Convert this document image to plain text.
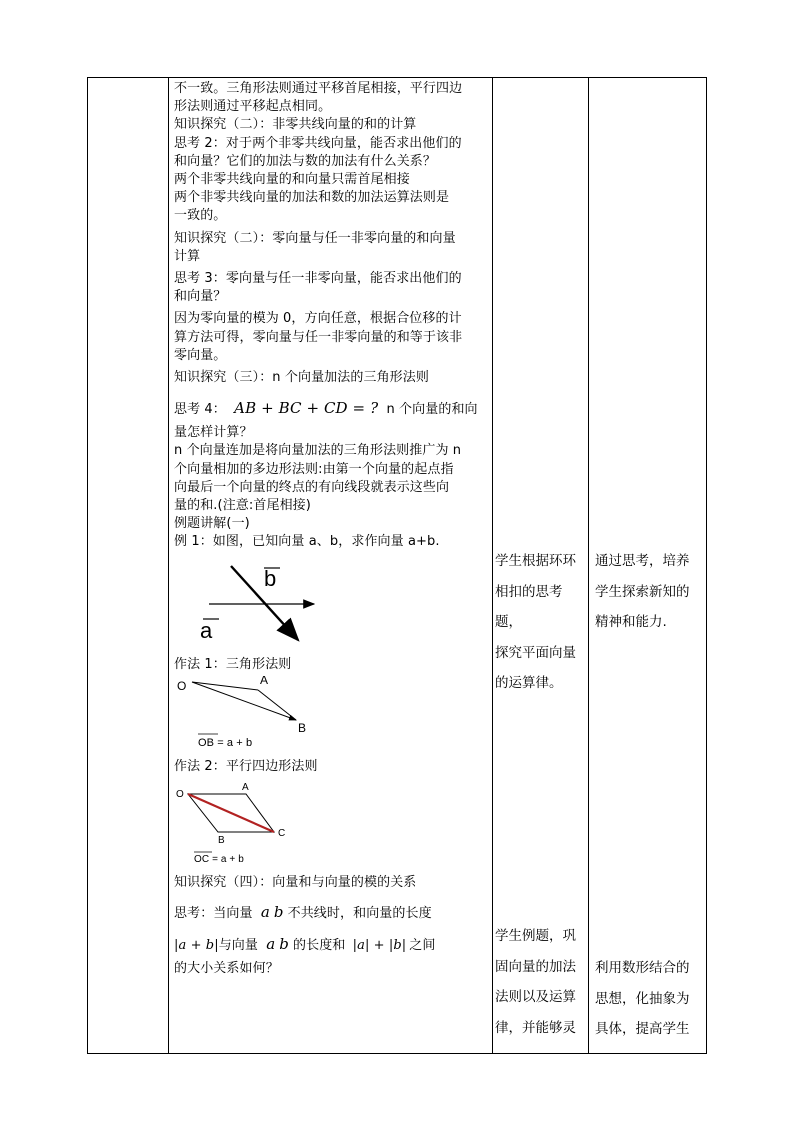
不一致。三角形法则通过平移首尾相接，平行四边

形法则通过平移起点相同。

知识探究（二）：非零共线向量的和的计算

思考 2：对于两个非零共线向量，能否求出他们的

和向量？它们的加法与数的加法有什么关系？

两个非零共线向量的和向量只需首尾相接

两个非零共线向量的加法和数的加法运算法则是

一致的。

知识探究（二）：零向量与任一非零向量的和向量

计算

思考 3：零向量与任一非零向量，能否求出他们的

和向量？

因为零向量的模为 0，方向任意，根据合位移的计

算方法可得，零向量与任一非零向量的和等于该非

零向量。

知识探究（三）：n 个向量加法的三角形法则

思考 4： AB + BC + CD = ? n 个向量的和向

量怎样计算？

n 个向量连加是将向量加法的三角形法则推广为 n

个向量相加的多边形法则:由第一个向量的起点指

向最后一个向量的终点的有向线段就表示这些向

量的和.(注意:首尾相接)

例题讲解(一)

例 1：如图，已知向量 a、b，求作向量 a+b.

a
b

作法 1：三角形法则

O	A
B
OB = a + b

作法 2：平行四边形法则

O
A
B
C
OC = a + b

知识探究（四）：向量和与向量的模的关系

思考：当向量 a b 不共线时，和向量的长度

|a + b|与向量 a b 的长度和 |a| + |b| 之间

的大小关系如何？

学生根据环环
相扣的思考题，
探究平面向量
的运算律。
学生例题，巩
固向量的加法
法则以及运算
律，并能够灵
通过思考，培养
学生探索新知的
精神和能力.
利用数形结合的
思想，化抽象为
具体，提高学生
